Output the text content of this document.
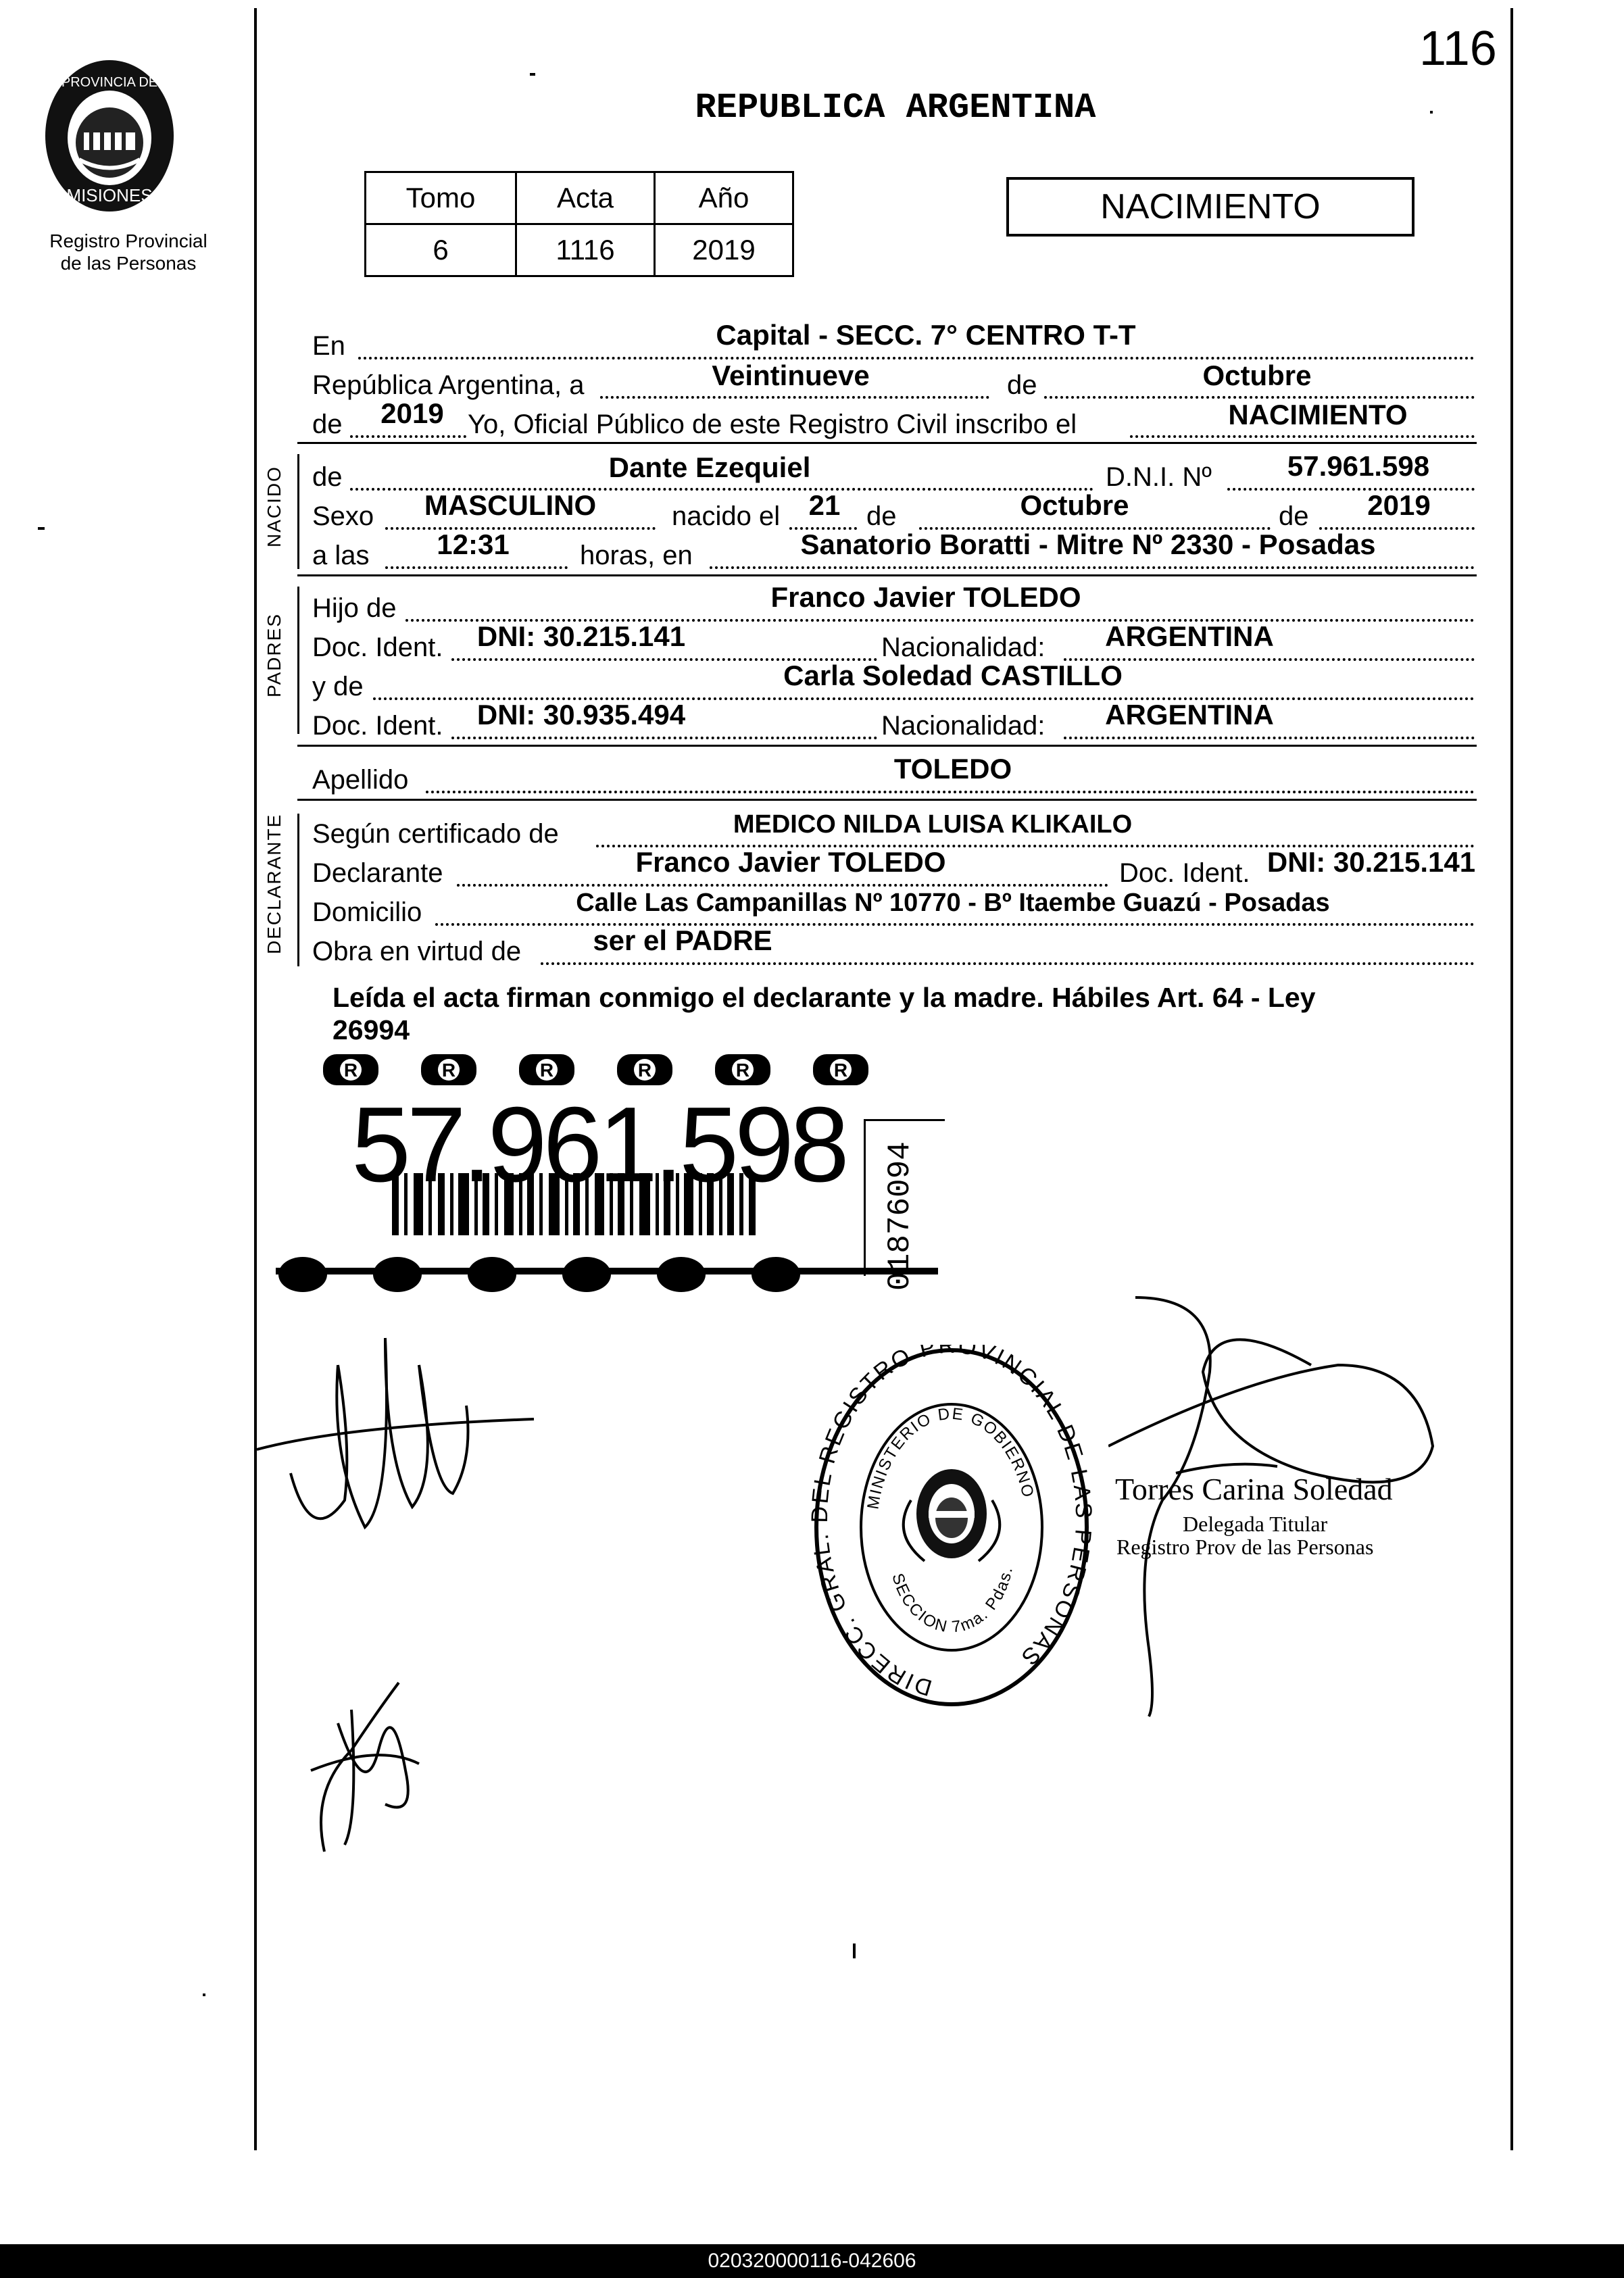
116
PROVINCIA DE
MISIONES
Registro Provincial
de las Personas
REPUBLICA ARGENTINA
Tomo	Acta	Año
6	1116	2019
NACIMIENTO
En	Capital - SECC. 7° CENTRO T-T
República Argentina, a	Veintinueve	de	Octubre
de	2019 Yo, Oficial Público de este Registro Civil inscribo el	NACIMIENTO
NACIDO de	Dante Ezequiel	D.N.I. Nº	57.961.598
Sexo	MASCULINO	nacido el	21 de	Octubre	de	2019
a las	12:31	horas, en	Sanatorio Boratti - Mitre Nº 2330 - Posadas
PADRES
Hijo de	Franco Javier TOLEDO
Doc. Ident.	DNI: 30.215.141	Nacionalidad:	ARGENTINA
y de	Carla Soledad CASTILLO
Doc. Ident.	DNI: 30.935.494	Nacionalidad:	ARGENTINA
Apellido	TOLEDO
DECLARANTE Según certificado de	MEDICO NILDA LUISA KLIKAILO
Declarante	Franco Javier TOLEDO	Doc. Ident. DNI: 30.215.141
Domicilio	Calle Las Campanillas Nº 10770 - Bº Itaembe Guazú - Posadas
Obra en virtud de	ser el PADRE
Leída el acta firman conmigo el declarante y la madre. Hábiles Art. 64 - Ley
26994
R	R	R	R	R	R
57.961.598 01876094
Torres Carina Soledad
Delegada Titular
Registro Prov de las Personas
DIRECC. GRAL. EL REGISTRO PROVINCIAL DE LA PERSONAS
MINISTERIO DE GOBIERNO
SECCION 7ma. Pdas.
020320000116-042606
